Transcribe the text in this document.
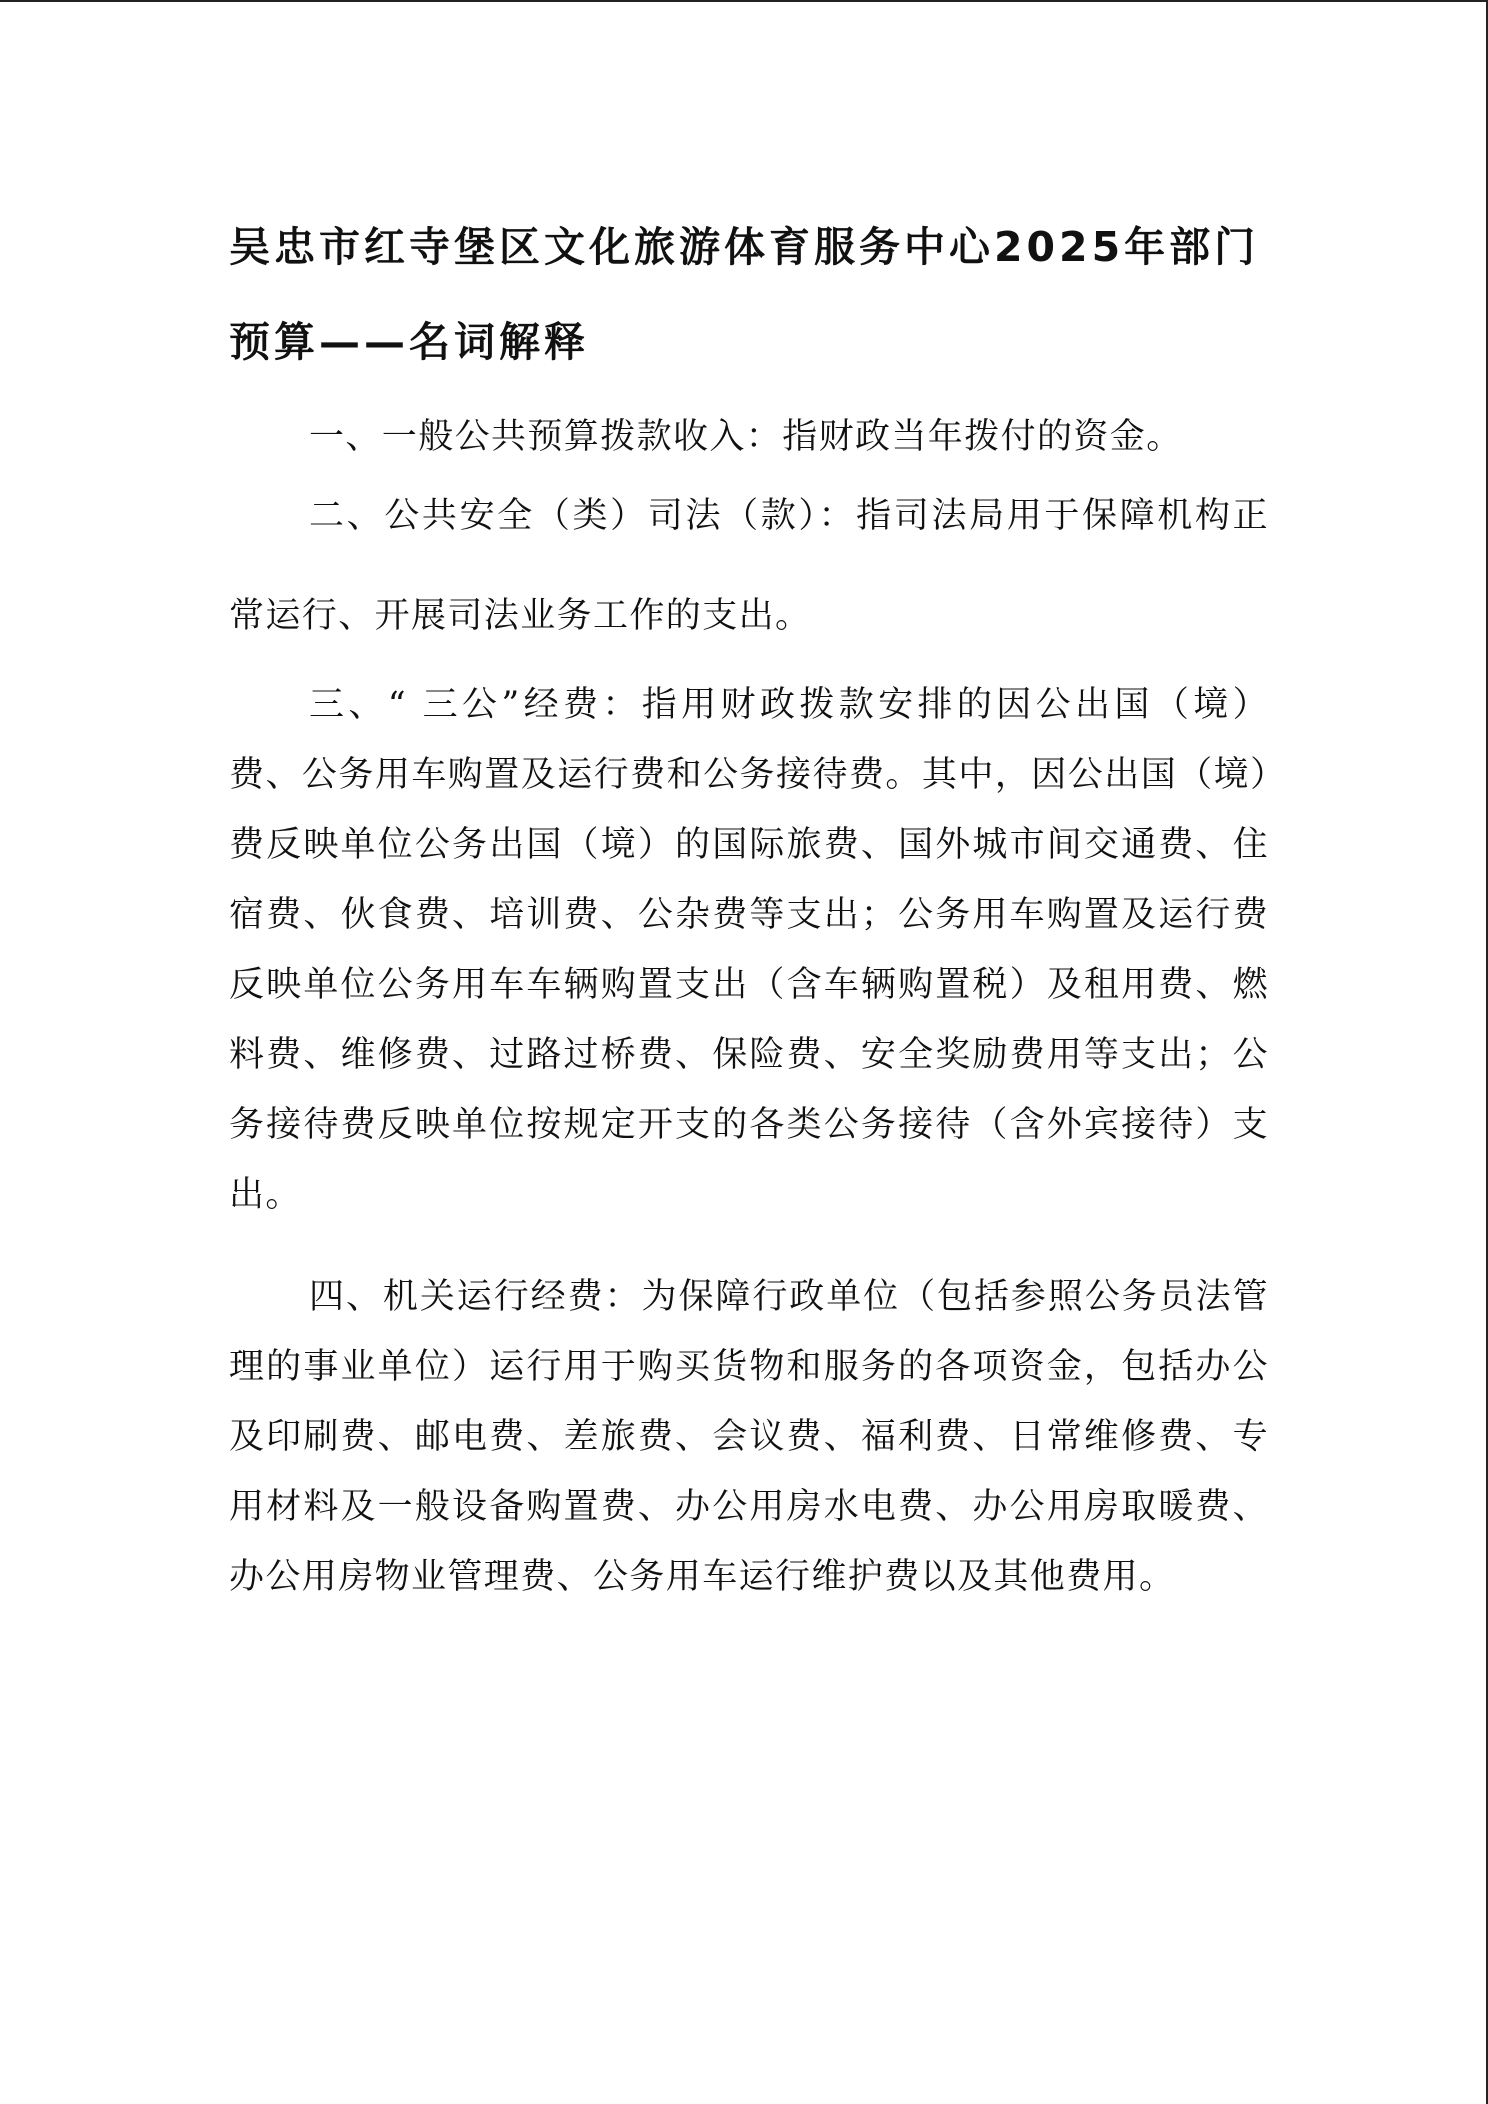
吴忠市红寺堡区文化旅游体育服务中心2025年部门
预算——名词解释

一、一般公共预算拨款收入：指财政当年拨付的资金。

二、公共安全（类）司法（款）：指司法局用于保障机构正常运行、开展司法业务工作的支出。

三、“ 三公”经费：指用财政拨款安排的因公出国（境）费、公务用车购置及运行费和公务接待费。其中，因公出国（境）费反映单位公务出国（境）的国际旅费、国外城市间交通费、住宿费、伙食费、培训费、公杂费等支出；公务用车购置及运行费反映单位公务用车车辆购置支出（含车辆购置税）及租用费、燃料费、维修费、过路过桥费、保险费、安全奖励费用等支出；公务接待费反映单位按规定开支的各类公务接待（含外宾接待）支出。

四、机关运行经费：为保障行政单位（包括参照公务员法管理的事业单位）运行用于购买货物和服务的各项资金，包括办公及印刷费、邮电费、差旅费、会议费、福利费、日常维修费、专用材料及一般设备购置费、办公用房水电费、办公用房取暖费、办公用房物业管理费、公务用车运行维护费以及其他费用。
